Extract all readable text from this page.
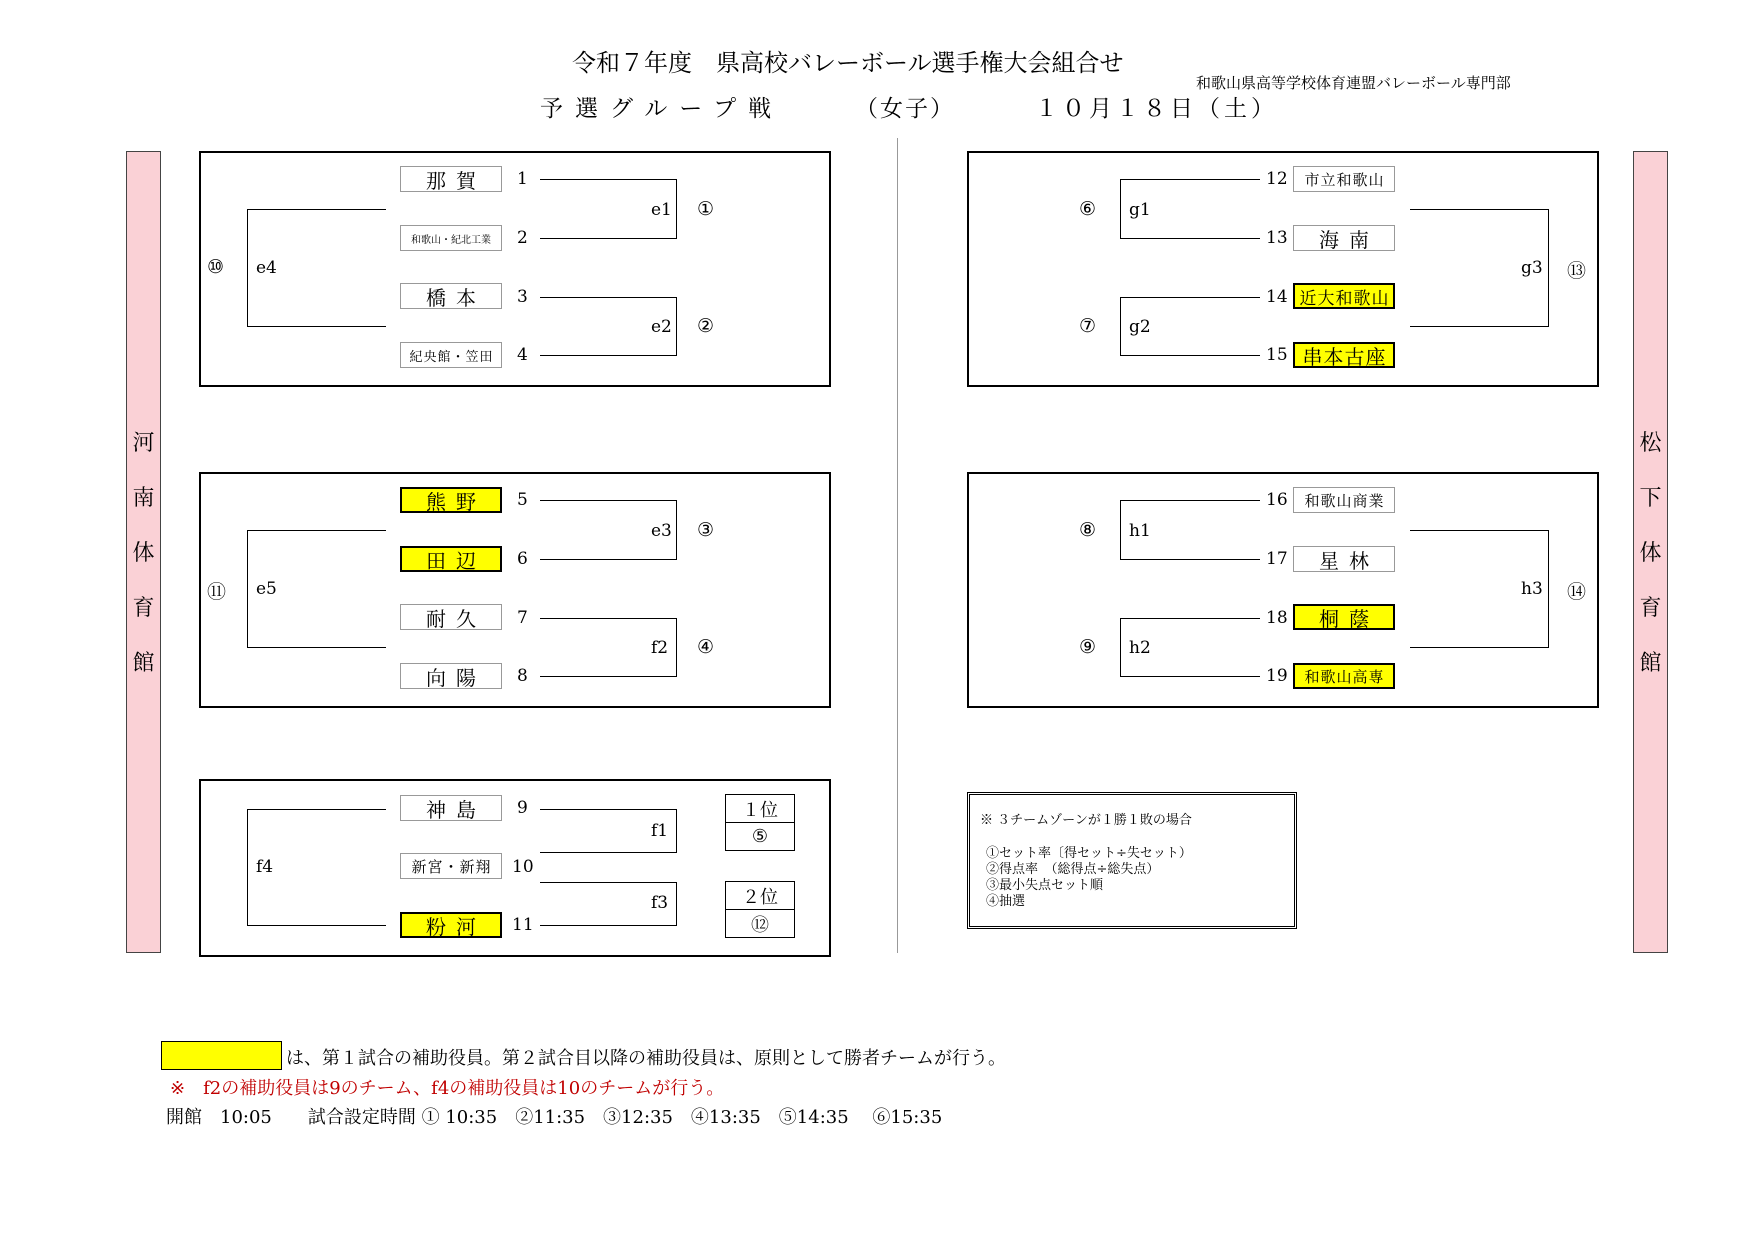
令和７年度　県高校バレーボール選手権大会組合せ
和歌山県高等学校体育連盟バレーボール専門部
予選グループ戦	（女子）	１０月１８日（土）
河
南
体
育
館
松
下
体
育
館
那賀
和歌山・紀北工業
橋本
紀央館・笠田
1
2
3
4
e1 ①
e2 ②
e4
⑩
熊野
田辺
耐久
向陽
5
6
7
8
e3 ③
f2 ④
e5
⑪
神島
新宮・新翔
粉河
9
10
11
f1
f3
f4
１位
⑤
２位
⑫
市立和歌山
海南
近大和歌山
串本古座
12
13
14
15
g1
⑥
g2
⑦
g3 ⑬
和歌山商業
星林
桐蔭
和歌山高専
16
17
18
19
h1
⑧
h2
⑨
h3 ⑭
※ ３チームゾーンが１勝１敗の場合
①セット率〔得セット÷失セット）
②得点率　（総得点÷総失点）
③最小失点セット順
④抽選
は、第１試合の補助役員。第２試合目以降の補助役員は、原則として勝者チームが行う。
※　f2の補助役員は9のチーム、f4の補助役員は10のチームが行う。
開館　10:05　　試合設定時間 ① 10:35　②11:35　③12:35　④13:35　⑤14:35　 ⑥15:35
